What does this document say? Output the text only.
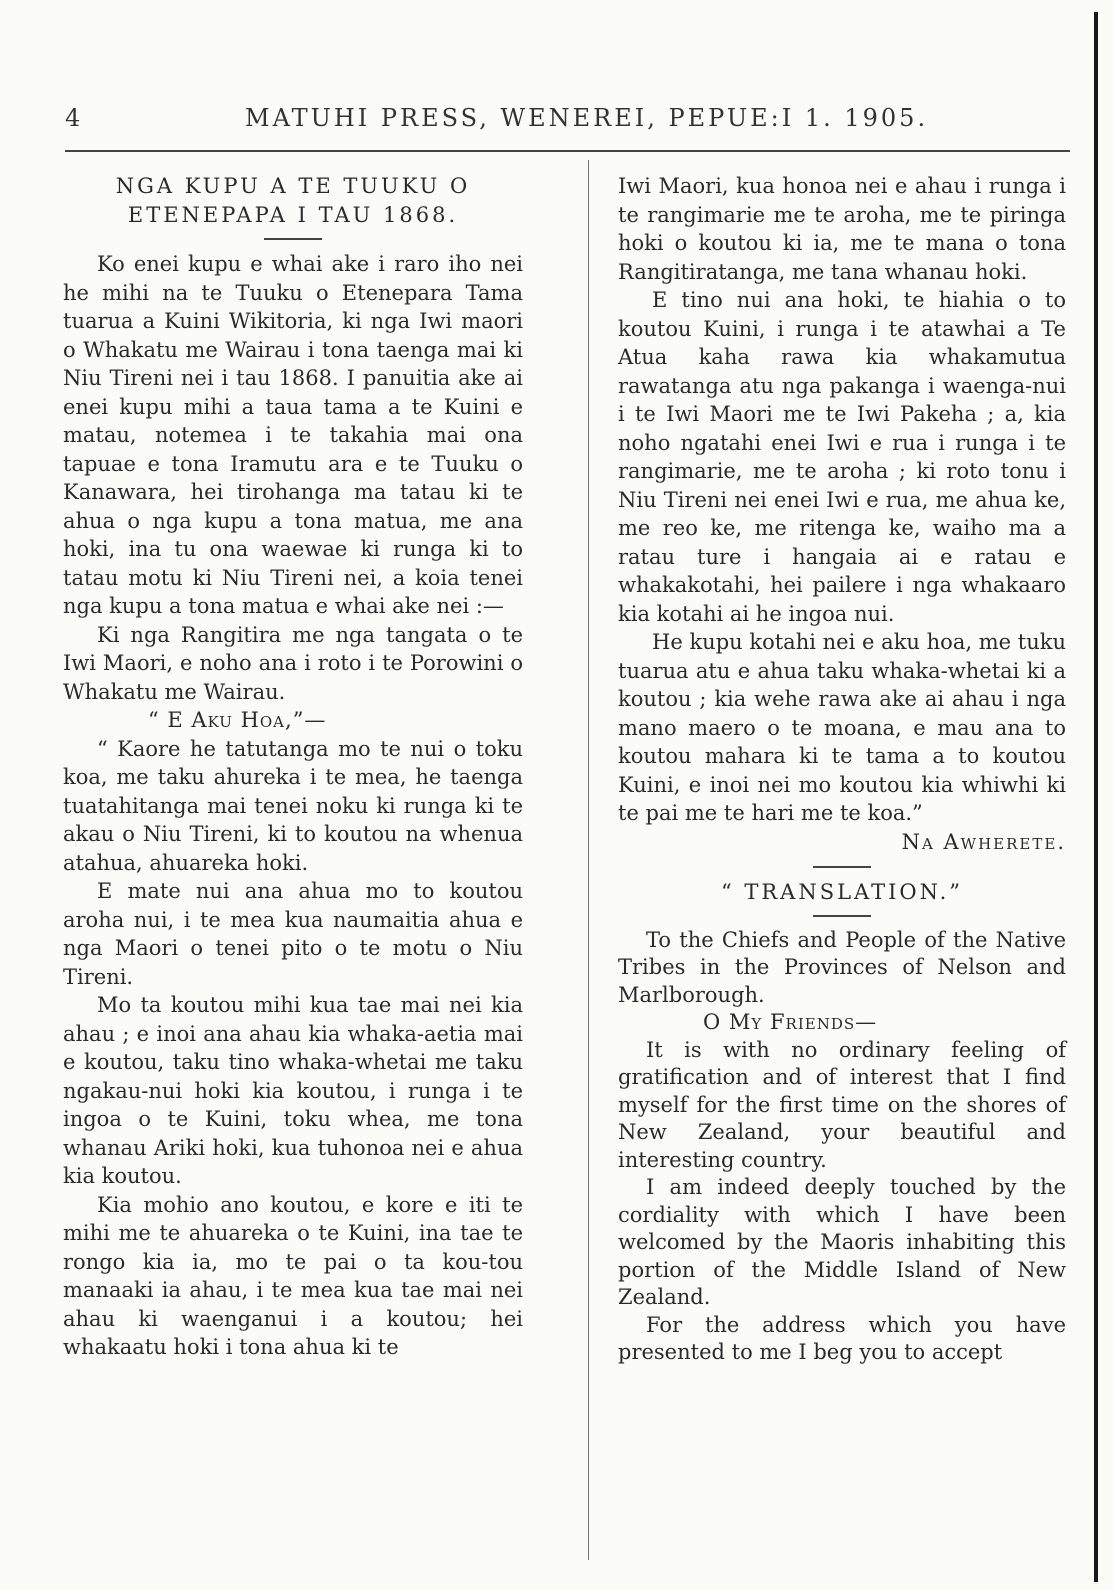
4	MATUHI PRESS, WENEREI, PEPUE:I 1. 1905.
NGA KUPU A TE TUUKU O
ETENEPAPA I TAU 1868.

Ko enei kupu e whai ake i raro iho nei he mihi na te Tuuku o Etenepara Tama tuarua a Kuini Wikitoria, ki nga Iwi maori o Whakatu me Wairau i tona taenga mai ki Niu Tireni nei i tau 1868. I panuitia ake ai enei kupu mihi a taua tama a te Kuini e matau, notemea i te takahia mai ona tapuae e tona Iramutu ara e te Tuuku o Kanawara, hei tirohanga ma tatau ki te ahua o nga kupu a tona matua, me ana hoki, ina tu ona waewae ki runga ki to tatau motu ki Niu Tireni nei, a koia tenei nga kupu a tona matua e whai ake nei :—

Ki nga Rangitira me nga tangata o te Iwi Maori, e noho ana i roto i te Porowini o Whakatu me Wairau.

“ E Aku Hoa,”—

“ Kaore he tatutanga mo te nui o toku koa, me taku ahureka i te mea, he taenga tuatahitanga mai tenei noku ki runga ki te akau o Niu Tireni, ki to koutou na whenua atahua, ahuareka hoki.

E mate nui ana ahua mo to koutou aroha nui, i te mea kua naumaitia ahua e nga Maori o tenei pito o te motu o Niu Tireni.

Mo ta koutou mihi kua tae mai nei kia ahau ; e inoi ana ahau kia whaka-aetia mai e koutou, taku tino whaka-whetai me taku ngakau-nui hoki kia koutou, i runga i te ingoa o te Kuini, toku whea, me tona whanau Ariki hoki, kua tuhonoa nei e ahua kia koutou.

Kia mohio ano koutou, e kore e iti te mihi me te ahuareka o te Kuini, ina tae te rongo kia ia, mo te pai o ta kou-tou manaaki ia ahau, i te mea kua tae mai nei ahau ki waenganui i a koutou; hei whakaatu hoki i tona ahua ki te

Iwi Maori, kua honoa nei e ahau i runga i te rangimarie me te aroha, me te piringa hoki o koutou ki ia, me te mana o tona Rangitiratanga, me tana whanau hoki.

E tino nui ana hoki, te hiahia o to koutou Kuini, i runga i te atawhai a Te Atua kaha rawa kia whakamutua rawatanga atu nga pakanga i waenga-nui i te Iwi Maori me te Iwi Pakeha ; a, kia noho ngatahi enei Iwi e rua i runga i te rangimarie, me te aroha ; ki roto tonu i Niu Tireni nei enei Iwi e rua, me ahua ke, me reo ke, me ritenga ke, waiho ma a ratau ture i hangaia ai e ratau e whakakotahi, hei pailere i nga whakaaro kia kotahi ai he ingoa nui.

He kupu kotahi nei e aku hoa, me tuku tuarua atu e ahua taku whaka-whetai ki a koutou ; kia wehe rawa ake ai ahau i nga mano maero o te moana, e mau ana to koutou mahara ki te tama a to koutou Kuini, e inoi nei mo koutou kia whiwhi ki te pai me te hari me te koa.”

Na Awherete.

“ TRANSLATION.”

To the Chiefs and People of the Native Tribes in the Provinces of Nelson and Marlborough.

O My Friends—

It is with no ordinary feeling of gratification and of interest that I find myself for the first time on the shores of New Zealand, your beautiful and interesting country.

I am indeed deeply touched by the cordiality with which I have been welcomed by the Maoris inhabiting this portion of the Middle Island of New Zealand.

For the address which you have presented to me I beg you to accept
